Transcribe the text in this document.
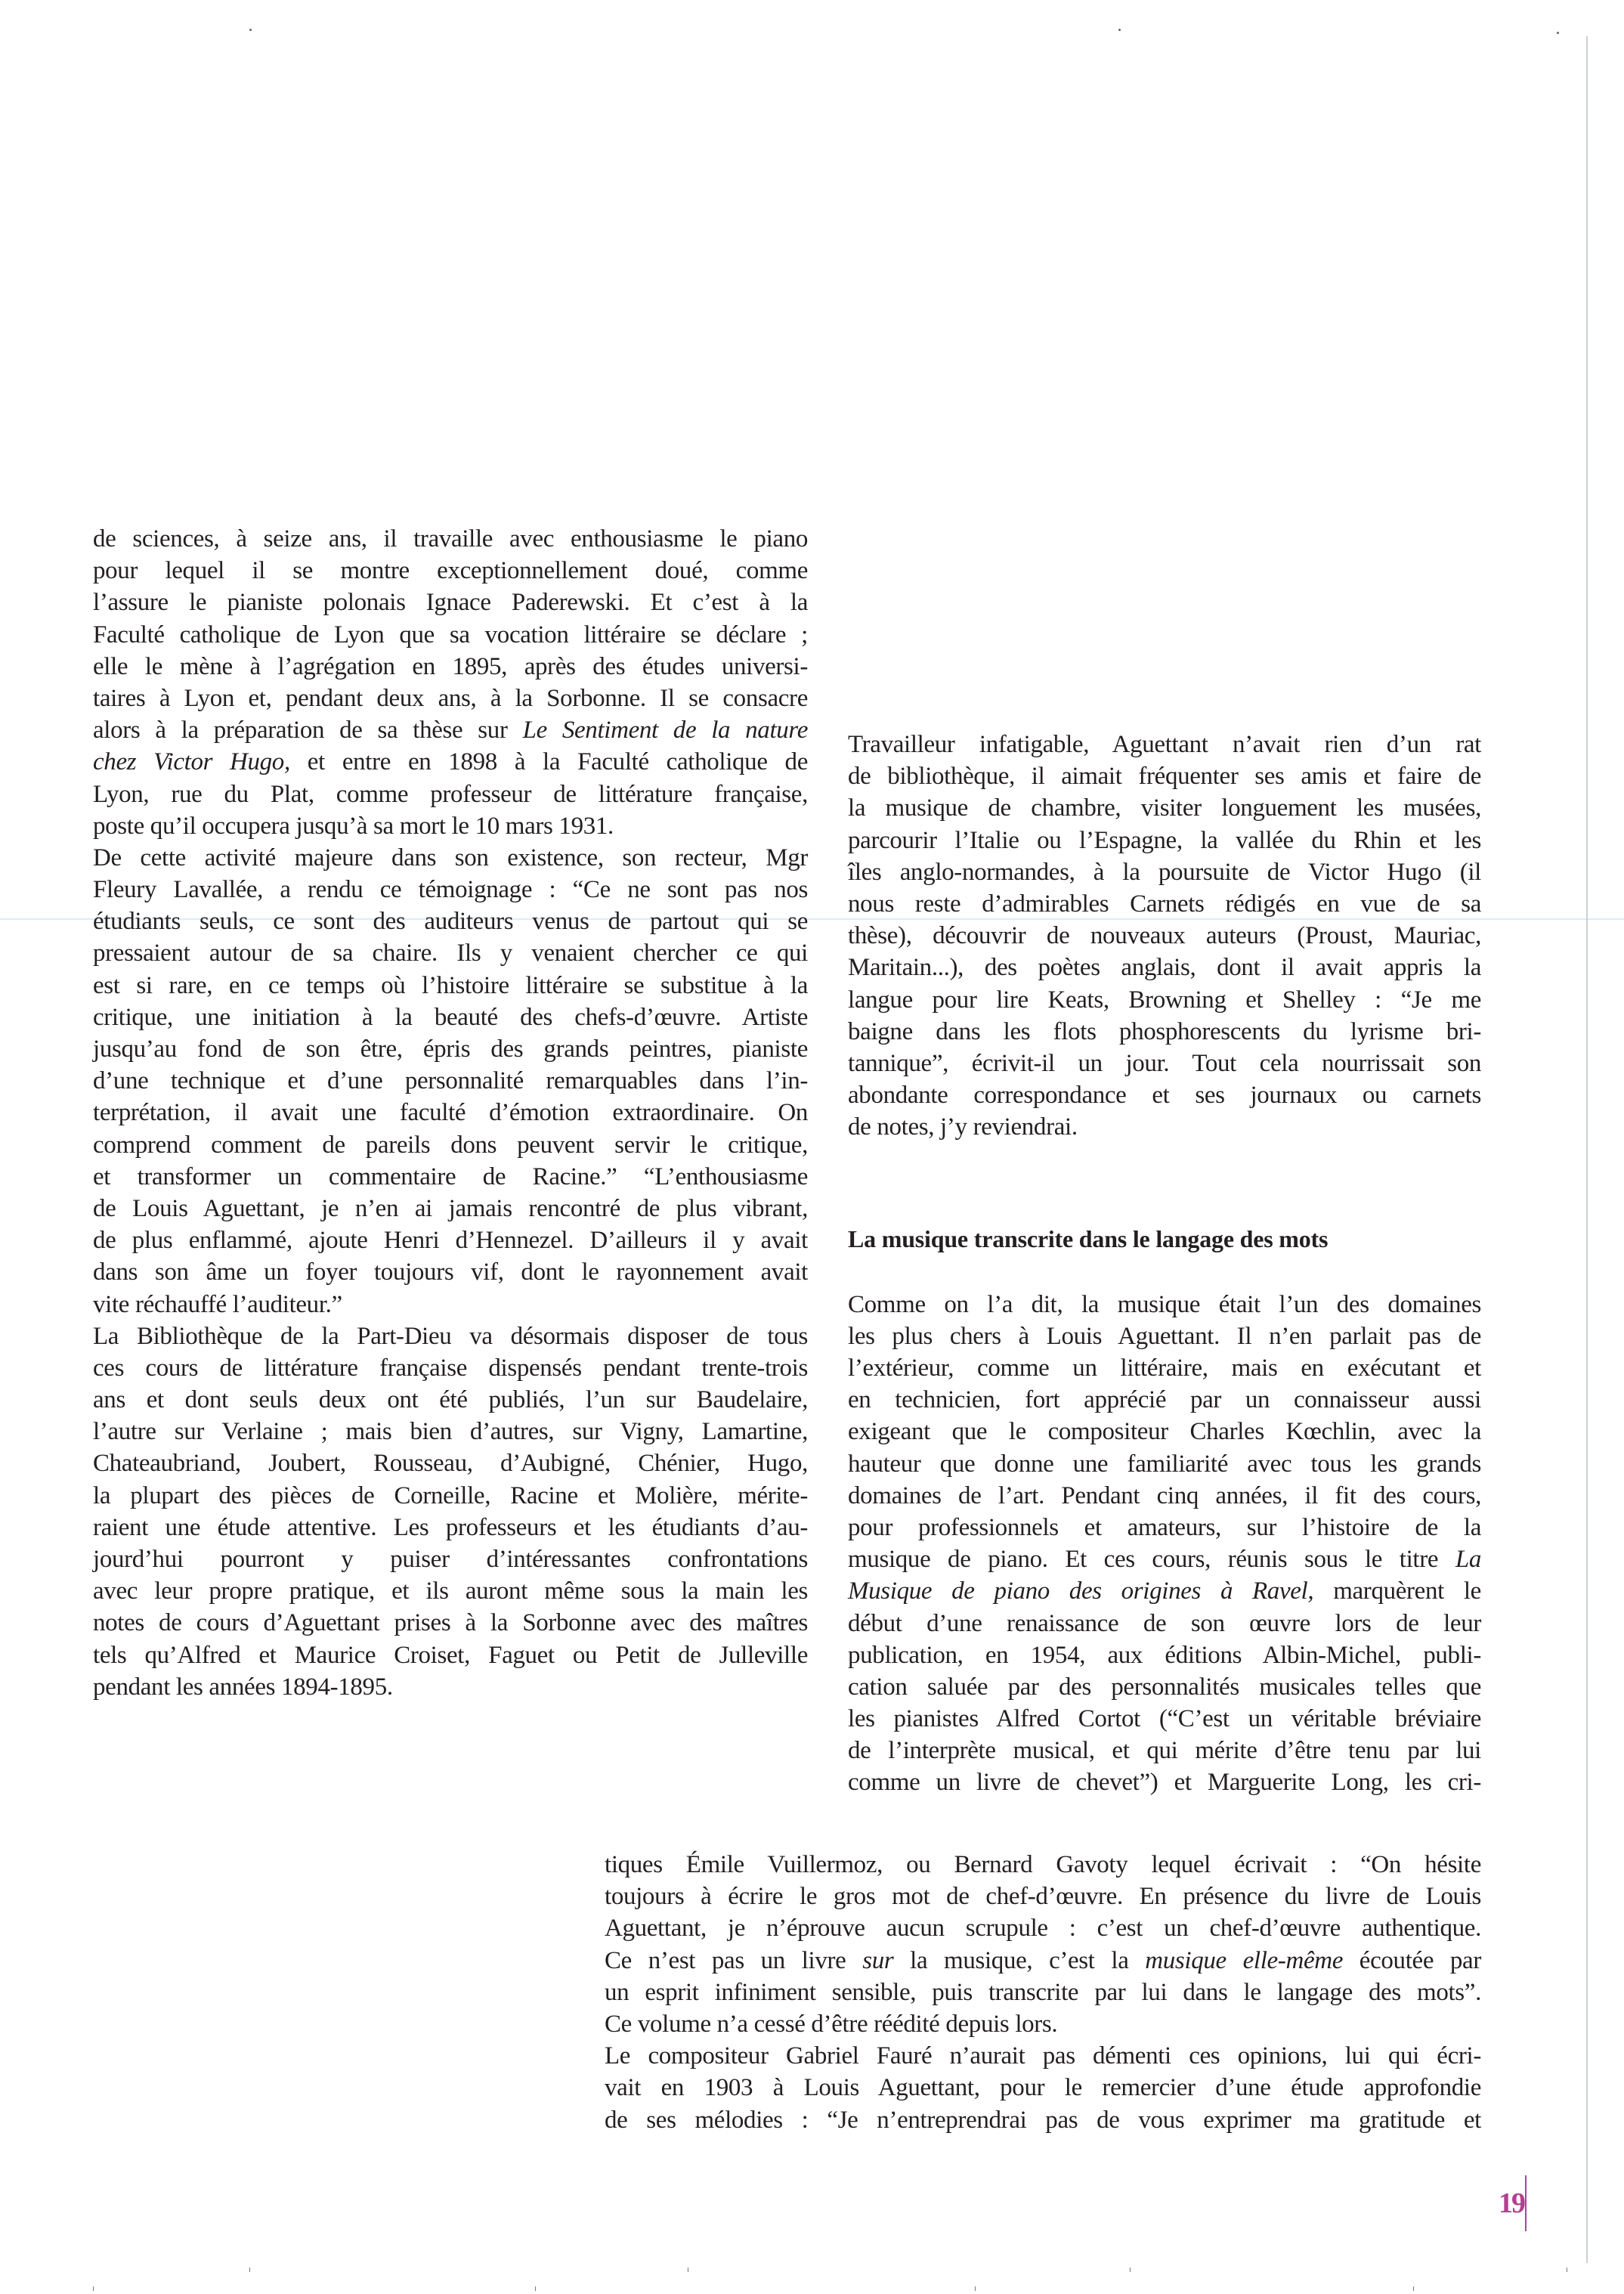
de sciences, à seize ans, il travaille avec enthousiasme le piano
pour lequel il se montre exceptionnellement doué, comme
l’assure le pianiste polonais Ignace Paderewski. Et c’est à la
Faculté catholique de Lyon que sa vocation littéraire se déclare ;
elle le mène à l’agrégation en 1895, après des études universi-
taires à Lyon et, pendant deux ans, à la Sorbonne. Il se consacre
alors à la préparation de sa thèse sur Le Sentiment de la nature
chez Victor Hugo, et entre en 1898 à la Faculté catholique de
Lyon, rue du Plat, comme professeur de littérature française,
poste qu’il occupera jusqu’à sa mort le 10 mars 1931.
De cette activité majeure dans son existence, son recteur, Mgr
Fleury Lavallée, a rendu ce témoignage : “Ce ne sont pas nos
étudiants seuls, ce sont des auditeurs venus de partout qui se
pressaient autour de sa chaire. Ils y venaient chercher ce qui
est si rare, en ce temps où l’histoire littéraire se substitue à la
critique, une initiation à la beauté des chefs-d’œuvre. Artiste
jusqu’au fond de son être, épris des grands peintres, pianiste
d’une technique et d’une personnalité remarquables dans l’in-
terprétation, il avait une faculté d’émotion extraordinaire. On
comprend comment de pareils dons peuvent servir le critique,
et transformer un commentaire de Racine.” “L’enthousiasme
de Louis Aguettant, je n’en ai jamais rencontré de plus vibrant,
de plus enflammé, ajoute Henri d’Hennezel. D’ailleurs il y avait
dans son âme un foyer toujours vif, dont le rayonnement avait
vite réchauffé l’auditeur.”
La Bibliothèque de la Part-Dieu va désormais disposer de tous
ces cours de littérature française dispensés pendant trente-trois
ans et dont seuls deux ont été publiés, l’un sur Baudelaire,
l’autre sur Verlaine ; mais bien d’autres, sur Vigny, Lamartine,
Chateaubriand, Joubert, Rousseau, d’Aubigné, Chénier, Hugo,
la plupart des pièces de Corneille, Racine et Molière, mérite-
raient une étude attentive. Les professeurs et les étudiants d’au-
jourd’hui pourront y puiser d’intéressantes confrontations
avec leur propre pratique, et ils auront même sous la main les
notes de cours d’Aguettant prises à la Sorbonne avec des maîtres
tels qu’Alfred et Maurice Croiset, Faguet ou Petit de Julleville
pendant les années 1894-1895.
Travailleur infatigable, Aguettant n’avait rien d’un rat
de bibliothèque, il aimait fréquenter ses amis et faire de
la musique de chambre, visiter longuement les musées,
parcourir l’Italie ou l’Espagne, la vallée du Rhin et les
îles anglo-normandes, à la poursuite de Victor Hugo (il
nous reste d’admirables Carnets rédigés en vue de sa
thèse), découvrir de nouveaux auteurs (Proust, Mauriac,
Maritain...), des poètes anglais, dont il avait appris la
langue pour lire Keats, Browning et Shelley : “Je me
baigne dans les flots phosphorescents du lyrisme bri-
tannique”, écrivit-il un jour. Tout cela nourrissait son
abondante correspondance et ses journaux ou carnets
de notes, j’y reviendrai.
La musique transcrite dans le langage des mots
Comme on l’a dit, la musique était l’un des domaines
les plus chers à Louis Aguettant. Il n’en parlait pas de
l’extérieur, comme un littéraire, mais en exécutant et
en technicien, fort apprécié par un connaisseur aussi
exigeant que le compositeur Charles Kœchlin, avec la
hauteur que donne une familiarité avec tous les grands
domaines de l’art. Pendant cinq années, il fit des cours,
pour professionnels et amateurs, sur l’histoire de la
musique de piano. Et ces cours, réunis sous le titre La
Musique de piano des origines à Ravel, marquèrent le
début d’une renaissance de son œuvre lors de leur
publication, en 1954, aux éditions Albin-Michel, publi-
cation saluée par des personnalités musicales telles que
les pianistes Alfred Cortot (“C’est un véritable bréviaire
de l’interprète musical, et qui mérite d’être tenu par lui
comme un livre de chevet”) et Marguerite Long, les cri-
tiques Émile Vuillermoz, ou Bernard Gavoty lequel écrivait : “On hésite
toujours à écrire le gros mot de chef-d’œuvre. En présence du livre de Louis
Aguettant, je n’éprouve aucun scrupule : c’est un chef-d’œuvre authentique.
Ce n’est pas un livre sur la musique, c’est la musique elle-même écoutée par
un esprit infiniment sensible, puis transcrite par lui dans le langage des mots”.
Ce volume n’a cessé d’être réédité depuis lors.
Le compositeur Gabriel Fauré n’aurait pas démenti ces opinions, lui qui écri-
vait en 1903 à Louis Aguettant, pour le remercier d’une étude approfondie
de ses mélodies : “Je n’entreprendrai pas de vous exprimer ma gratitude et
19
